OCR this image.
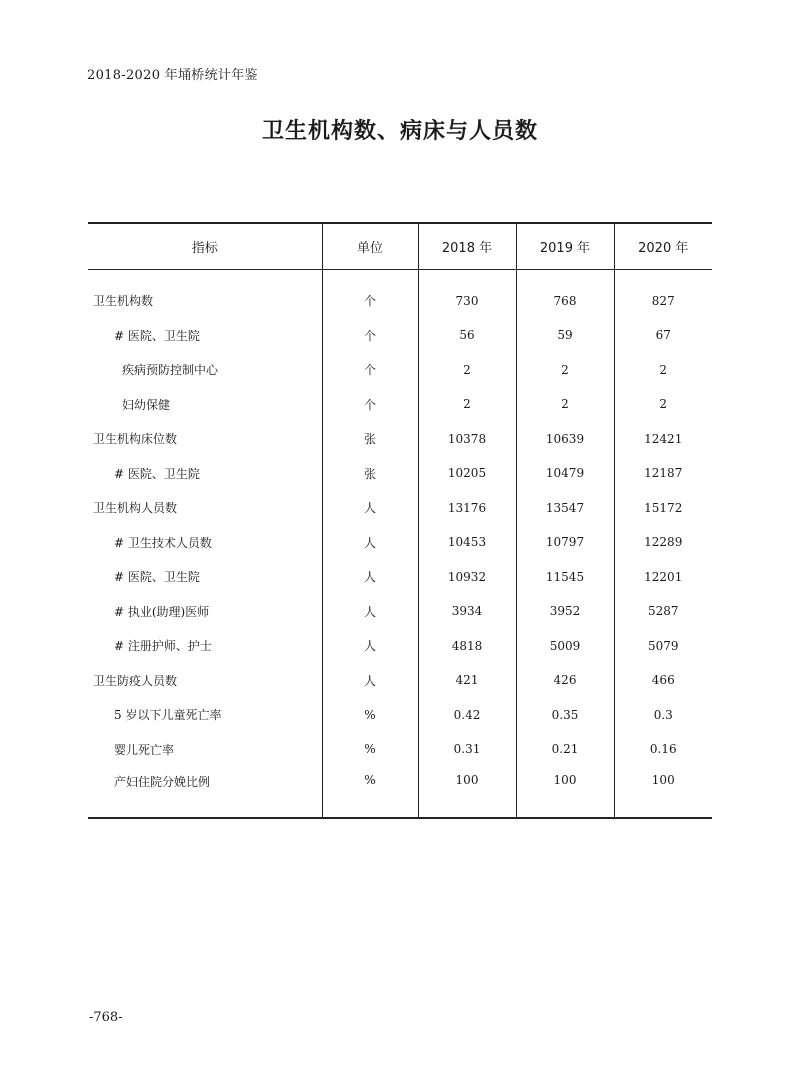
2018-2020 年埇桥统计年鉴
卫生机构数、病床与人员数
指标	单位	2018 年	2019 年	2020 年

卫生机构数	个	730	768	827
# 医院、卫生院	个	56	59	67
疾病预防控制中心	个	2	2	2
妇幼保健	个	2	2	2
卫生机构床位数	张	10378	10639	12421
# 医院、卫生院	张	10205	10479	12187
卫生机构人员数	人	13176	13547	15172
# 卫生技术人员数	人	10453	10797	12289
# 医院、卫生院	人	10932	11545	12201
# 执业(助理)医师	人	3934	3952	5287
# 注册护师、护士	人	4818	5009	5079
卫生防疫人员数	人	421	426	466
5 岁以下儿童死亡率	%	0.42	0.35	0.3
婴儿死亡率	%	0.31	0.21	0.16
产妇住院分娩比例	%	100	100	100
-768-
